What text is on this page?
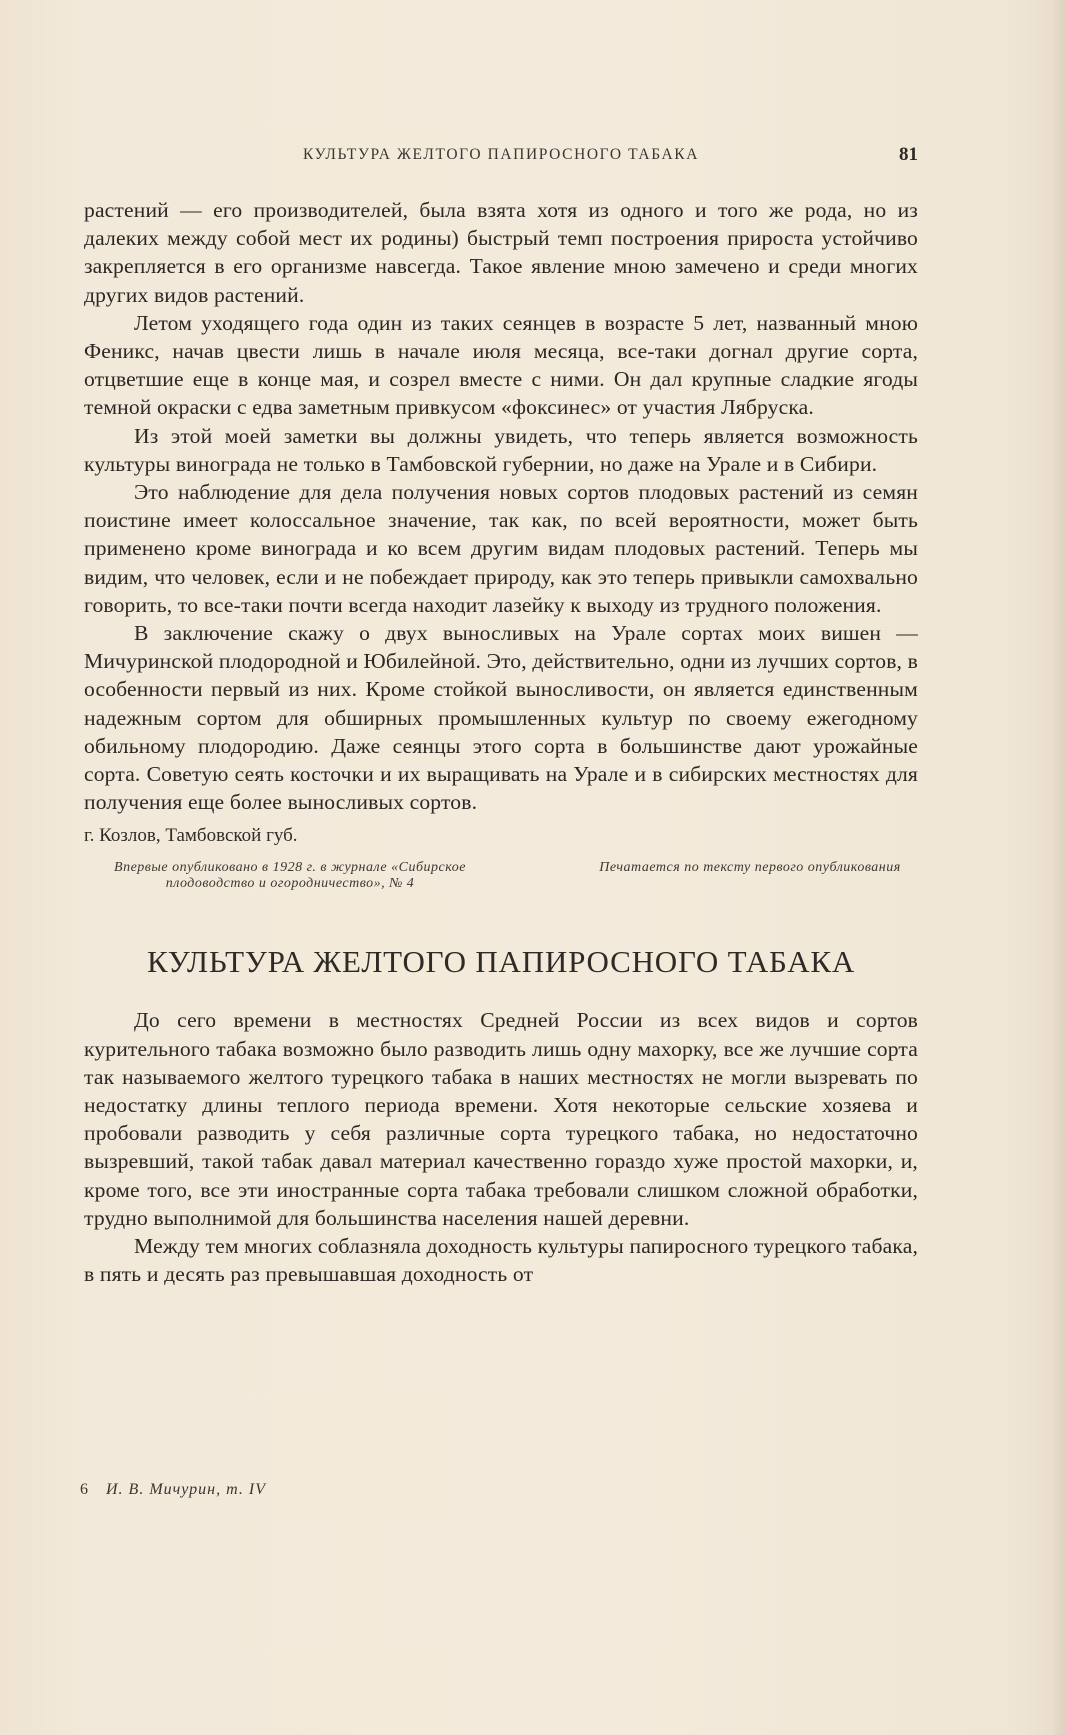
КУЛЬТУРА ЖЕЛТОГО ПАПИРОСНОГО ТАБАКА	81

растений — его производителей, была взята хотя из одного и того же рода, но из далеких между собой мест их родины) быстрый темп построения прироста устойчиво закрепляется в его организме навсегда. Такое явление мною замечено и среди многих других видов растений.

Летом уходящего года один из таких сеянцев в возрасте 5 лет, названный мною Феникс, начав цвести лишь в начале июля месяца, все-таки догнал другие сорта, отцветшие еще в конце мая, и созрел вместе с ними. Он дал крупные сладкие ягоды темной окраски с едва заметным привкусом «фоксинес» от участия Лябруска.

Из этой моей заметки вы должны увидеть, что теперь является возможность культуры винограда не только в Тамбовской губернии, но даже на Урале и в Сибири.

Это наблюдение для дела получения новых сортов плодовых растений из семян поистине имеет колоссальное значение, так как, по всей вероятности, может быть применено кроме винограда и ко всем другим видам плодовых растений. Теперь мы видим, что человек, если и не побеждает природу, как это теперь привыкли самохвально говорить, то все-таки почти всегда находит лазейку к выходу из трудного положения.

В заключение скажу о двух выносливых на Урале сортах моих вишен — Мичуринской плодородной и Юбилейной. Это, действительно, одни из лучших сортов, в особенности первый из них. Кроме стойкой выносливости, он является единственным надежным сортом для обширных промышленных культур по своему ежегодному обильному плодородию. Даже сеянцы этого сорта в большинстве дают урожайные сорта. Советую сеять косточки и их выращивать на Урале и в сибирских местностях для получения еще более выносливых сортов.

г. Козлов, Тамбовской губ.

Впервые опубликовано в 1928 г. в журнале «Сибирское плодоводство и огородничество», № 4
Печатается по тексту первого опубликования
КУЛЬТУРА ЖЕЛТОГО ПАПИРОСНОГО ТАБАКА

До сего времени в местностях Средней России из всех видов и сортов курительного табака возможно было разводить лишь одну махорку, все же лучшие сорта так называемого желтого турецкого табака в наших местностях не могли вызревать по недостатку длины теплого периода времени. Хотя некоторые сельские хозяева и пробовали разводить у себя различные сорта турецкого табака, но недостаточно вызревший, такой табак давал материал качественно гораздо хуже простой махорки, и, кроме того, все эти иностранные сорта табака требовали слишком сложной обработки, трудно выполнимой для большинства населения нашей деревни.

Между тем многих соблазняла доходность культуры папиросного турецкого табака, в пять и десять раз превышавшая доходность от

6 И. В. Мичурин, т. IV
